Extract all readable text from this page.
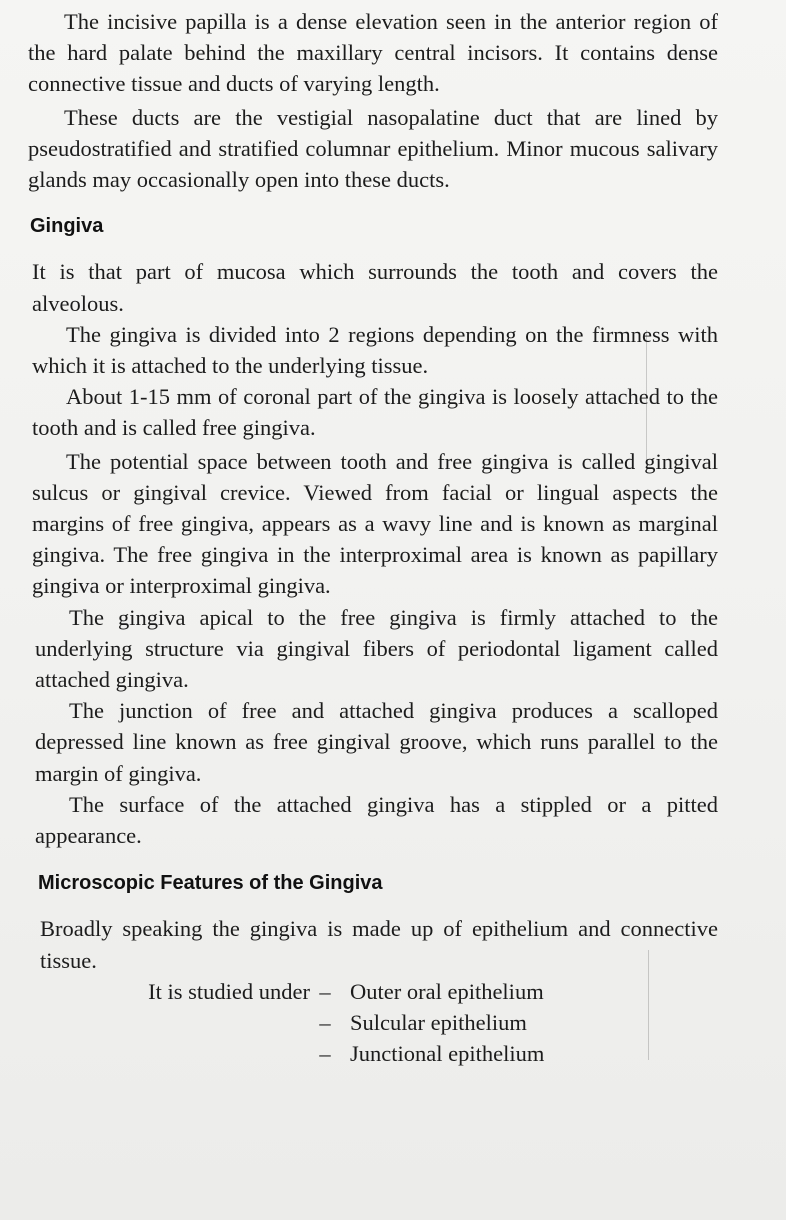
The incisive papilla is a dense elevation seen in the anterior region of the hard palate behind the maxillary central incisors. It contains dense connective tissue and ducts of varying length.

These ducts are the vestigial nasopalatine duct that are lined by pseudostratified and stratified columnar epithelium. Minor mucous salivary glands may occasionally open into these ducts.

Gingiva

It is that part of mucosa which surrounds the tooth and covers the alveolous.

The gingiva is divided into 2 regions depending on the firmness with which it is attached to the underlying tissue.

About 1-15 mm of coronal part of the gingiva is loosely attached to the tooth and is called free gingiva.

The potential space between tooth and free gingiva is called gingival sulcus or gingival crevice. Viewed from facial or lingual aspects the margins of free gingiva, appears as a wavy line and is known as marginal gingiva. The free gingiva in the interproximal area is known as papillary gingiva or interproximal gingiva.

The gingiva apical to the free gingiva is firmly attached to the underlying structure via gingival fibers of periodontal ligament called attached gingiva.

The junction of free and attached gingiva produces a scalloped depressed line known as free gingival groove, which runs parallel to the margin of gingiva.

The surface of the attached gingiva has a stippled or a pitted appearance.

Microscopic Features of the Gingiva

Broadly speaking the gingiva is made up of epithelium and connective tissue.

It is studied under – Outer oral epithelium
– Sulcular epithelium
– Junctional epithelium
